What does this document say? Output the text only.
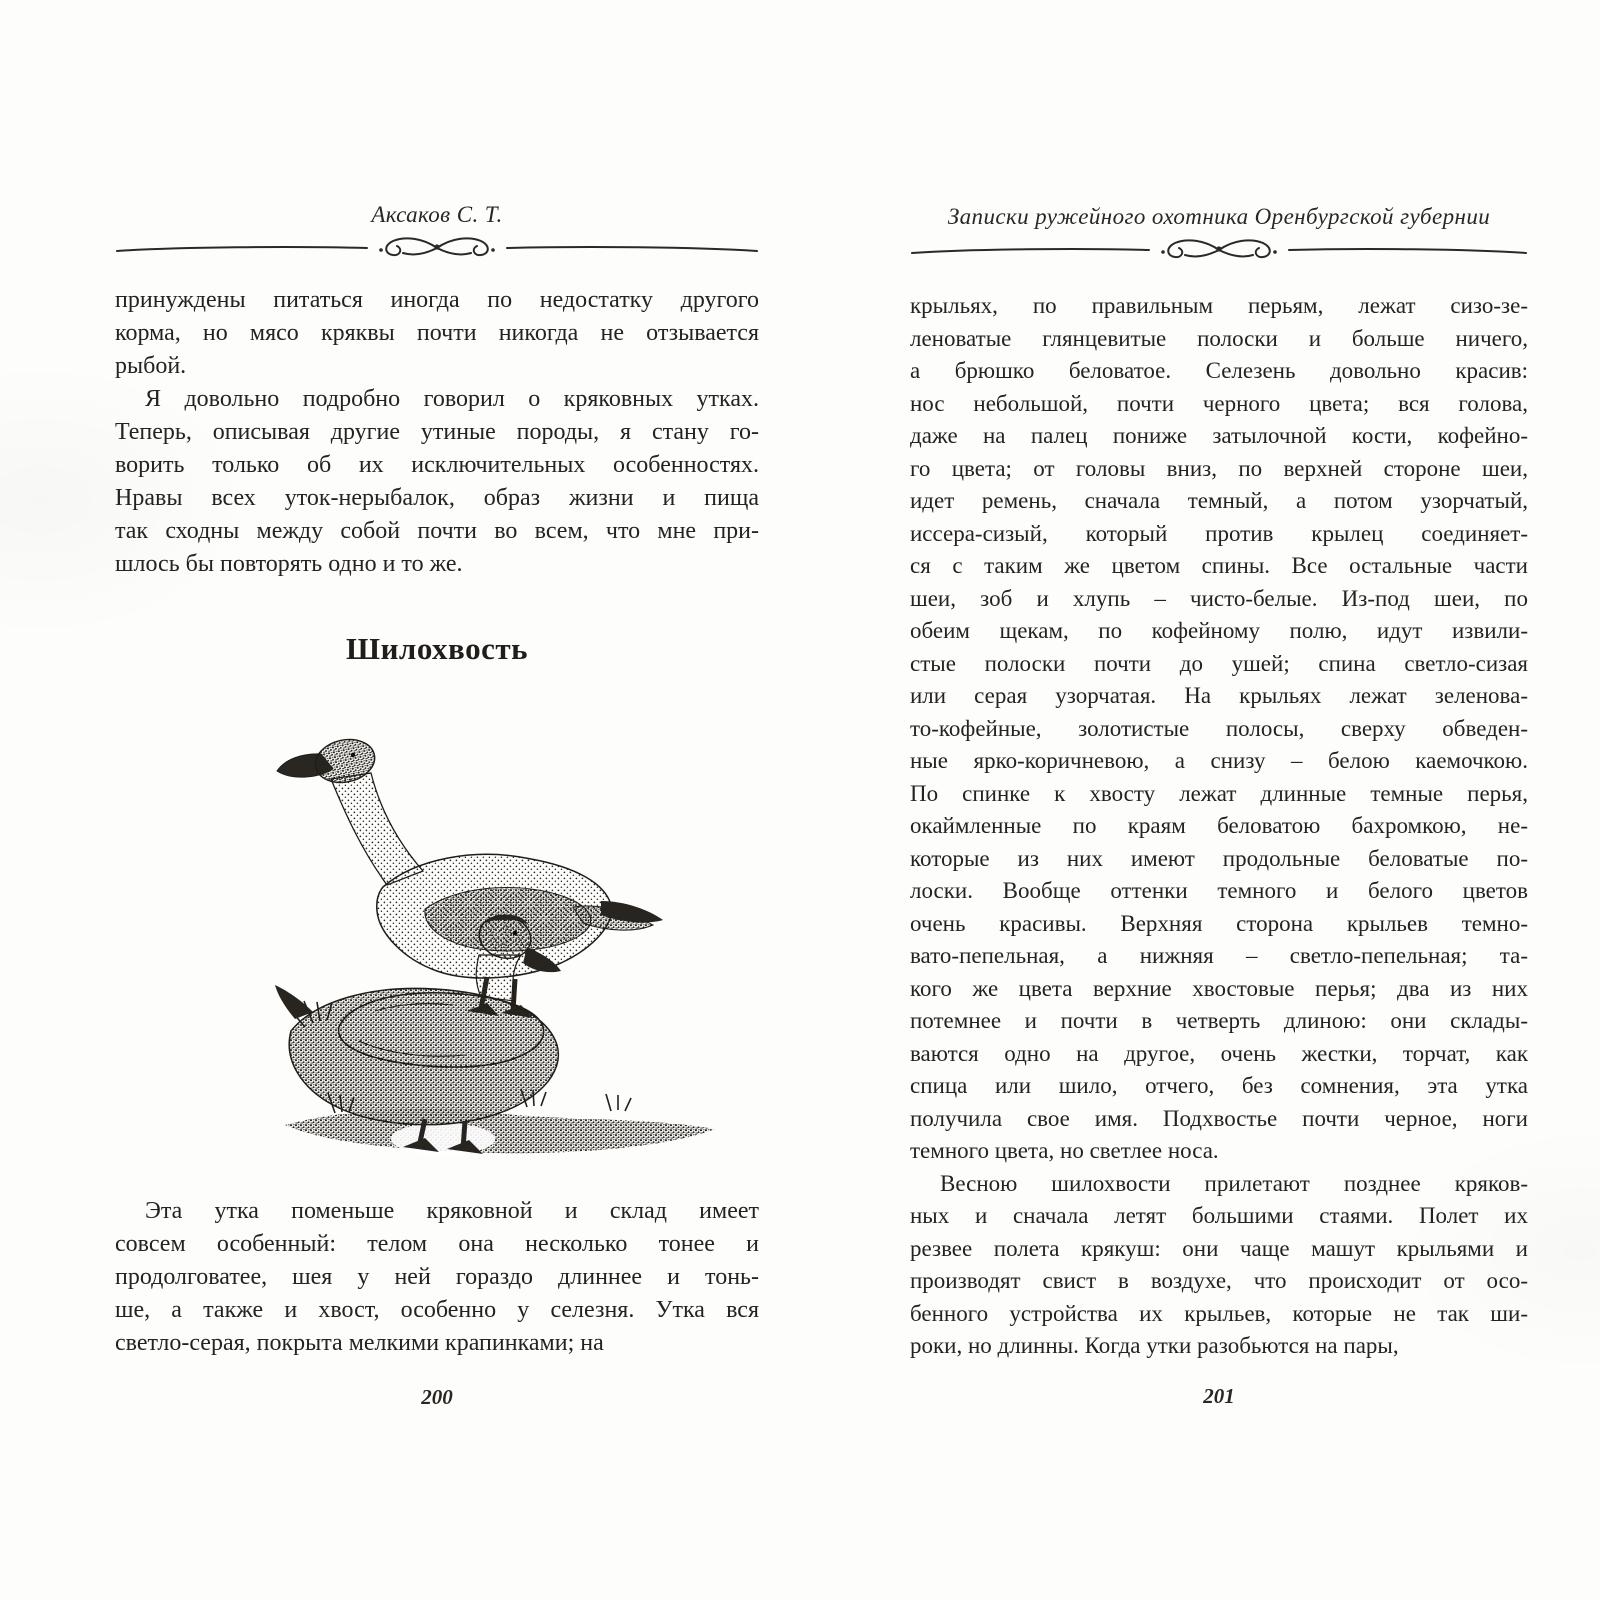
Аксаков С. Т.
принуждены питаться иногда по недостатку другого
корма, но мясо кряквы почти никогда не отзывается
рыбой.
Я довольно подробно говорил о кряковных утках.
Теперь, описывая другие утиные породы, я стану го-
ворить только об их исключительных особенностях.
Нравы всех уток-нерыбалок, образ жизни и пища
так сходны между собой почти во всем, что мне при-
шлось бы повторять одно и то же.
Шилохвость
Эта утка поменьше кряковной и склад имеет
совсем особенный: телом она несколько тонее и
продолговатее, шея у ней гораздо длиннее и тонь-
ше, а также и хвост, особенно у селезня. Утка вся
светло-серая, покрыта мелкими крапинками; на
200
Записки ружейного охотника Оренбургской губернии
крыльях, по правильным перьям, лежат сизо-зе-
леноватые глянцевитые полоски и больше ничего,
а брюшко беловатое. Селезень довольно красив:
нос небольшой, почти черного цвета; вся голова,
даже на палец пониже затылочной кости, кофейно-
го цвета; от головы вниз, по верхней стороне шеи,
идет ремень, сначала темный, а потом узорчатый,
иссера-сизый, который против крылец соединяет-
ся с таким же цветом спины. Все остальные части
шеи, зоб и хлупь – чисто-белые. Из-под шеи, по
обеим щекам, по кофейному полю, идут извили-
стые полоски почти до ушей; спина светло-сизая
или серая узорчатая. На крыльях лежат зеленова-
то-кофейные, золотистые полосы, сверху обведен-
ные ярко-коричневою, а снизу – белою каемочкою.
По спинке к хвосту лежат длинные темные перья,
окаймленные по краям беловатою бахромкою, не-
которые из них имеют продольные беловатые по-
лоски. Вообще оттенки темного и белого цветов
очень красивы. Верхняя сторона крыльев темно-
вато-пепельная, а нижняя – светло-пепельная; та-
кого же цвета верхние хвостовые перья; два из них
потемнее и почти в четверть длиною: они склады-
ваются одно на другое, очень жестки, торчат, как
спица или шило, отчего, без сомнения, эта утка
получила свое имя. Подхвостье почти черное, ноги
темного цвета, но светлее носа.
Весною шилохвости прилетают позднее кряков-
ных и сначала летят большими стаями. Полет их
резвее полета крякуш: они чаще машут крыльями и
производят свист в воздухе, что происходит от осо-
бенного устройства их крыльев, которые не так ши-
роки, но длинны. Когда утки разобьются на пары,
201
